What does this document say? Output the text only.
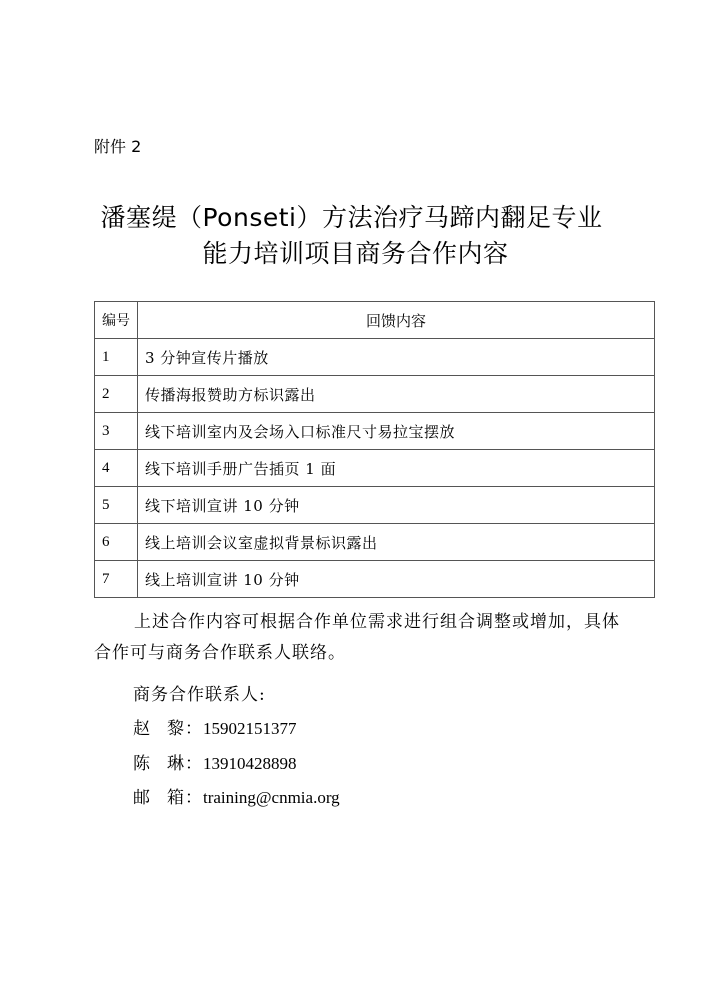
附件 2
潘塞缇（Ponseti）方法治疗马蹄内翻足专业
能力培训项目商务合作内容
编号	回馈内容
1	3 分钟宣传片播放
2	传播海报赞助方标识露出
3	线下培训室内及会场入口标准尺寸易拉宝摆放
4	线下培训手册广告插页 1 面
5	线下培训宣讲 10 分钟
6	线上培训会议室虚拟背景标识露出
7	线上培训宣讲 10 分钟
上述合作内容可根据合作单位需求进行组合调整或增加，具体合作可与商务合作联系人联络。
商务合作联系人:
赵黎：15902151377
陈琳：13910428898
邮箱：training@cnmia.org
